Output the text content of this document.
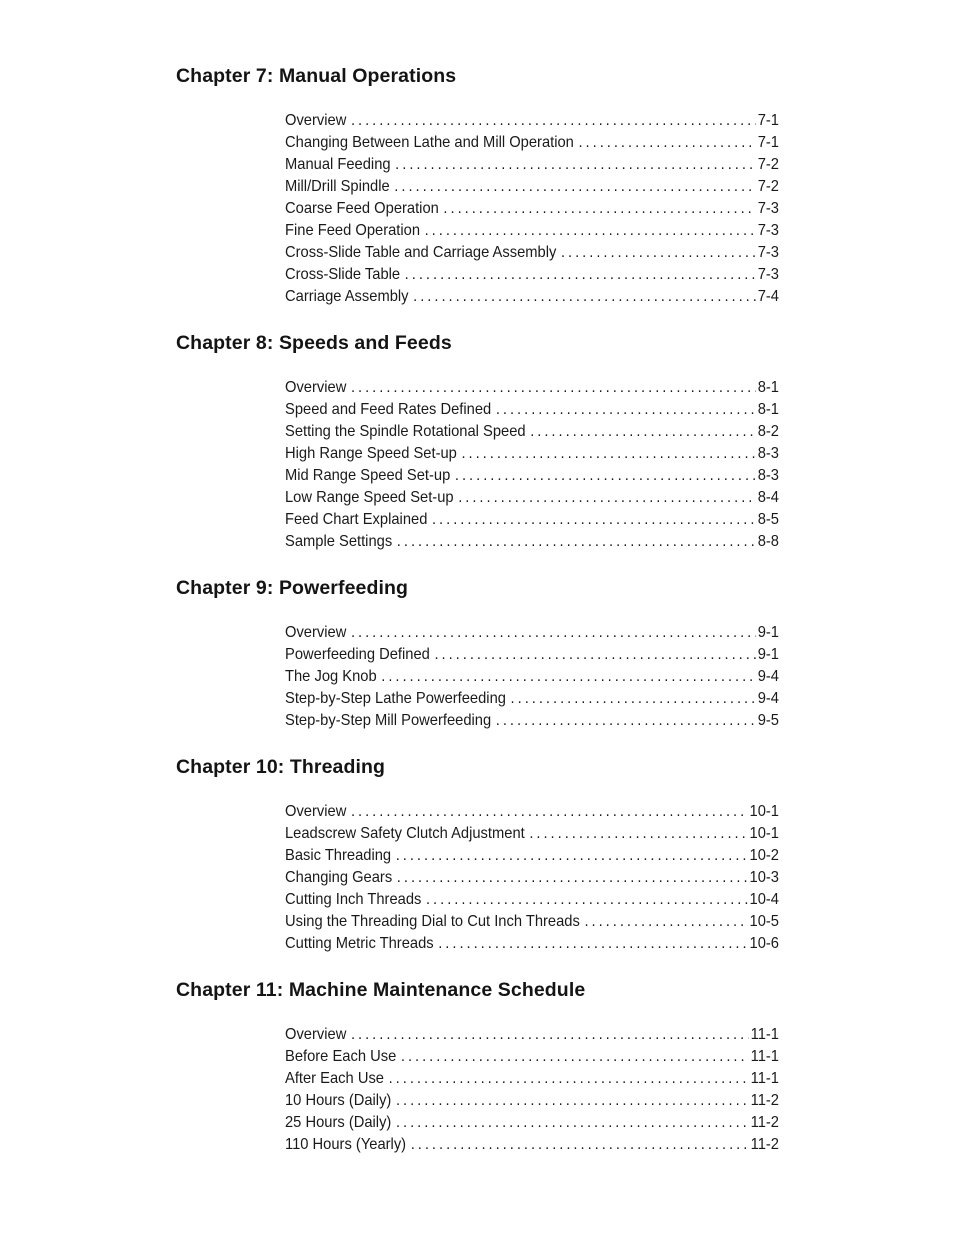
Chapter 7: Manual Operations
Overview . . .	7-1
Changing Between Lathe and Mill Operation . . .	7-1
Manual Feeding . . .	7-2
Mill/Drill Spindle . . .	7-2
Coarse Feed Operation . . .	7-3
Fine Feed Operation . . .	7-3
Cross-Slide Table and Carriage Assembly . . .	7-3
Cross-Slide Table . . .	7-3
Carriage Assembly . . .	7-4
Chapter 8: Speeds and Feeds
Overview . . .	8-1
Speed and Feed Rates Defined . . .	8-1
Setting the Spindle Rotational Speed . . .	8-2
High Range Speed Set-up . . .	8-3
Mid Range Speed Set-up . . .	8-3
Low Range Speed Set-up . . .	8-4
Feed Chart Explained . . .	8-5
Sample Settings . . .	8-8
Chapter 9: Powerfeeding
Overview . . .	9-1
Powerfeeding Defined . . .	9-1
The Jog Knob . . .	9-4
Step-by-Step Lathe Powerfeeding . . .	9-4
Step-by-Step Mill Powerfeeding . . .	9-5
Chapter 10: Threading
Overview . . .	10-1
Leadscrew Safety Clutch Adjustment . . .	10-1
Basic Threading . . .	10-2
Changing Gears . . .	10-3
Cutting Inch Threads . . .	10-4
Using the Threading Dial to Cut Inch Threads . . .	10-5
Cutting Metric Threads . . .	10-6
Chapter 11: Machine Maintenance Schedule
Overview . . .	11-1
Before Each Use . . .	11-1
After Each Use . . .	11-1
10 Hours (Daily) . . .	11-2
25 Hours (Daily) . . .	11-2
110 Hours (Yearly) . . .	11-2
